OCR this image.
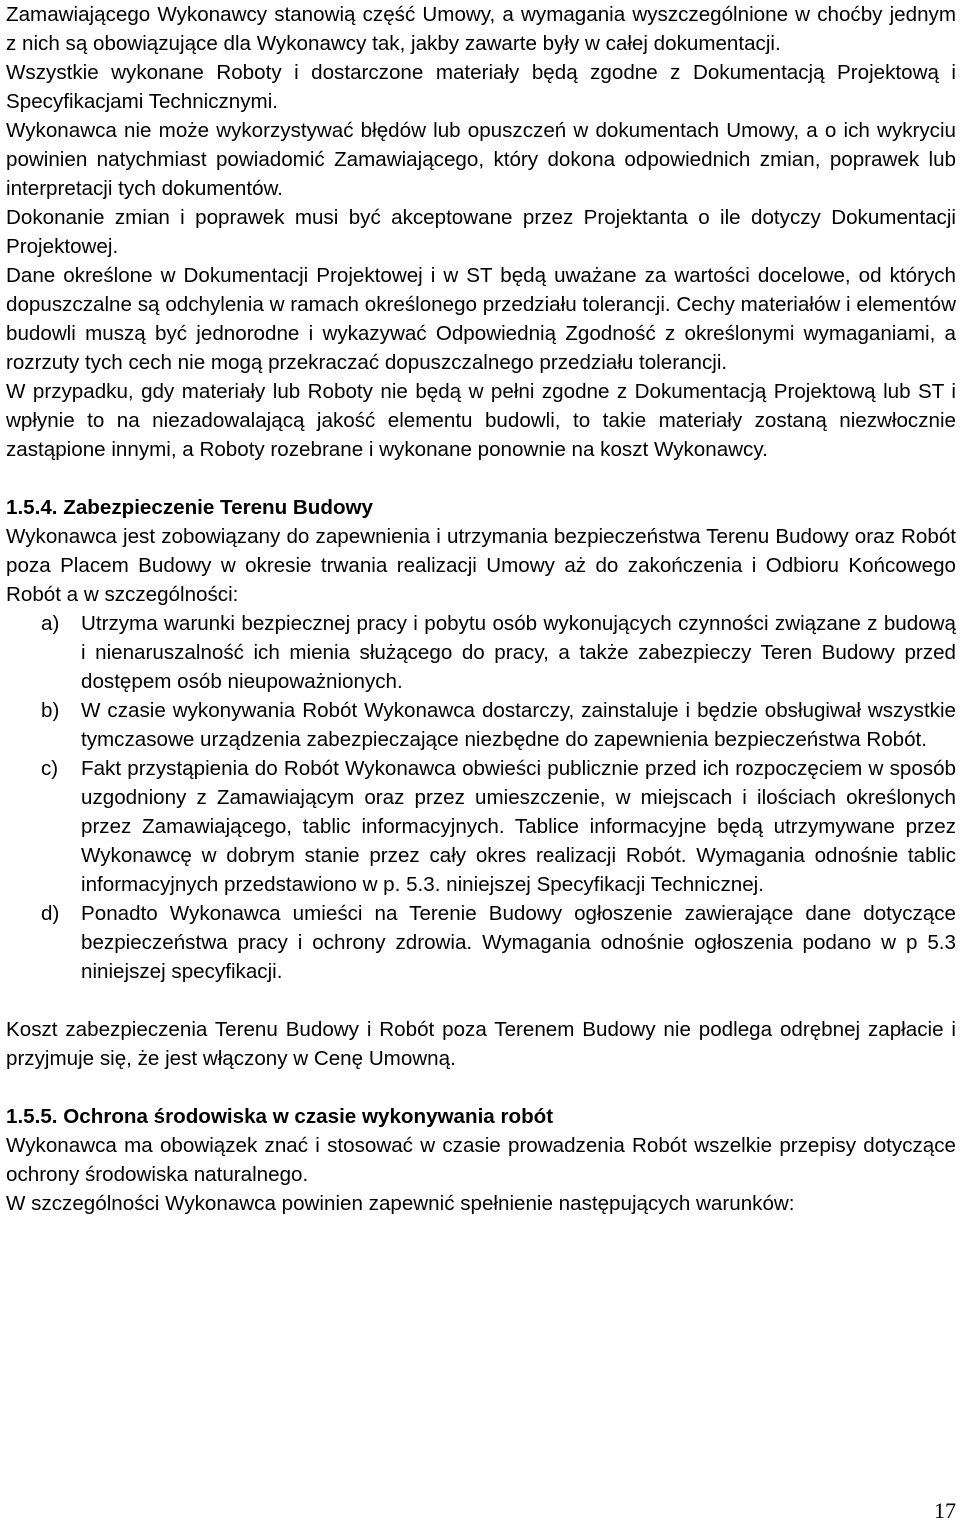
Zamawiającego Wykonawcy stanowią część Umowy, a wymagania wyszczególnione w choćby jednym z nich są obowiązujące dla Wykonawcy tak, jakby zawarte były w całej dokumentacji.

Wszystkie wykonane Roboty i dostarczone materiały będą zgodne z Dokumentacją Projektową i Specyfikacjami Technicznymi.

Wykonawca nie może wykorzystywać błędów lub opuszczeń w dokumentach Umowy, a o ich wykryciu powinien natychmiast powiadomić Zamawiającego, który dokona odpowiednich zmian, poprawek lub interpretacji tych dokumentów.

Dokonanie zmian i poprawek musi być akceptowane przez Projektanta o ile dotyczy Dokumentacji Projektowej.

Dane określone w Dokumentacji Projektowej i w ST będą uważane za wartości docelowe, od których dopuszczalne są odchylenia w ramach określonego przedziału tolerancji. Cechy materiałów i elementów budowli muszą być jednorodne i wykazywać Odpowiednią Zgodność z określonymi wymaganiami, a rozrzuty tych cech nie mogą przekraczać dopuszczalnego przedziału tolerancji.

W przypadku, gdy materiały lub Roboty nie będą w pełni zgodne z Dokumentacją Projektową lub ST i wpłynie to na niezadowalającą jakość elementu budowli, to takie materiały zostaną niezwłocznie zastąpione innymi, a Roboty rozebrane i wykonane ponownie na koszt Wykonawcy.

1.5.4. Zabezpieczenie Terenu Budowy

Wykonawca jest zobowiązany do zapewnienia i utrzymania bezpieczeństwa Terenu Budowy oraz Robót poza Placem Budowy w okresie trwania realizacji Umowy aż do zakończenia i Odbioru Końcowego Robót a w szczególności:

a)	Utrzyma warunki bezpiecznej pracy i pobytu osób wykonujących czynności związane z budową i nienaruszalność ich mienia służącego do pracy, a także zabezpieczy Teren Budowy przed dostępem osób nieupoważnionych.
b)	W czasie wykonywania Robót Wykonawca dostarczy, zainstaluje i będzie obsługiwał wszystkie tymczasowe urządzenia zabezpieczające niezbędne do zapewnienia bezpieczeństwa Robót.
c)	Fakt przystąpienia do Robót Wykonawca obwieści publicznie przed ich rozpoczęciem w sposób uzgodniony z Zamawiającym oraz przez umieszczenie, w miejscach i ilościach określonych przez Zamawiającego, tablic informacyjnych. Tablice informacyjne będą utrzymywane przez Wykonawcę w dobrym stanie przez cały okres realizacji Robót. Wymagania odnośnie tablic informacyjnych przedstawiono w p. 5.3. niniejszej Specyfikacji Technicznej.
d)	Ponadto Wykonawca umieści na Terenie Budowy ogłoszenie zawierające dane dotyczące bezpieczeństwa pracy i ochrony zdrowia. Wymagania odnośnie ogłoszenia podano w p 5.3 niniejszej specyfikacji.

Koszt zabezpieczenia Terenu Budowy i Robót poza Terenem Budowy nie podlega odrębnej zapłacie i przyjmuje się, że jest włączony w Cenę Umowną.

1.5.5. Ochrona środowiska w czasie wykonywania robót

Wykonawca ma obowiązek znać i stosować w czasie prowadzenia Robót wszelkie przepisy dotyczące ochrony środowiska naturalnego.

W szczególności Wykonawca powinien zapewnić spełnienie następujących warunków:

17
